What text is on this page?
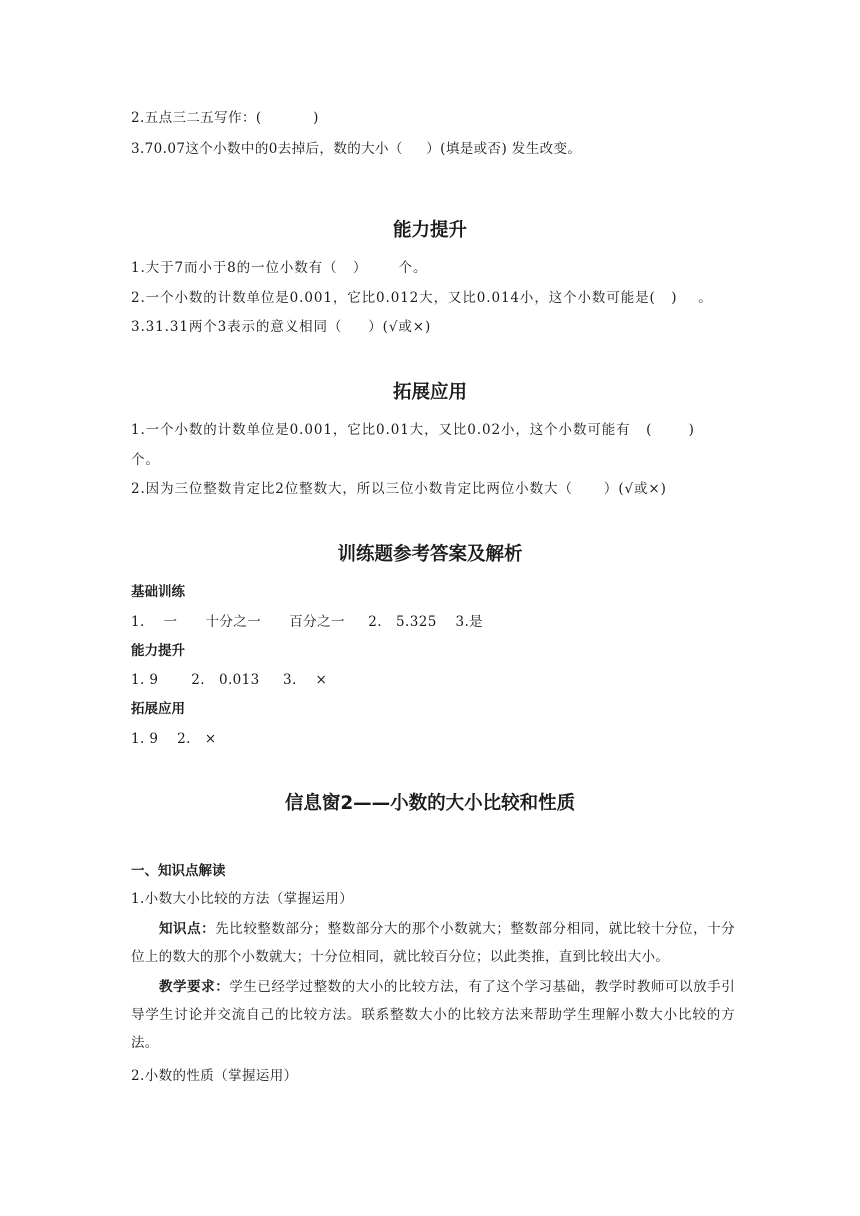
2.五点三二五写作：(           )
3.70.07这个小数中的0去掉后，数的大小（     ）(填是或否) 发生改变。
能力提升
1.大于7而小于8的一位小数有（   ）      个。
2.一个小数的计数单位是0.001，它比0.012大，又比0.014小，这个小数可能是(   )    。
3.31.31两个3表示的意义相同（     ）(√或×)
拓展应用
1.一个小数的计数单位是0.001，它比0.01大，又比0.02小，这个小数可能有   (       )
个。
2.因为三位整数肯定比2位整数大，所以三位小数肯定比两位小数大（      ）(√或×)
训练题参考答案及解析
基础训练
1.    一      十分之一      百分之一     2.   5.325    3.是
能力提升
1. 9       2.   0.013     3.    ×
拓展应用
1. 9    2.   ×
信息窗2——小数的大小比较和性质
一、知识点解读
1.小数大小比较的方法（掌握运用）
知识点：先比较整数部分；整数部分大的那个小数就大；整数部分相同，就比较十分位，十分位上的数大的那个小数就大；十分位相同，就比较百分位；以此类推，直到比较出大小。
教学要求：学生已经学过整数的大小的比较方法，有了这个学习基础，教学时教师可以放手引导学生讨论并交流自己的比较方法。联系整数大小的比较方法来帮助学生理解小数大小比较的方法。
2.小数的性质（掌握运用）
